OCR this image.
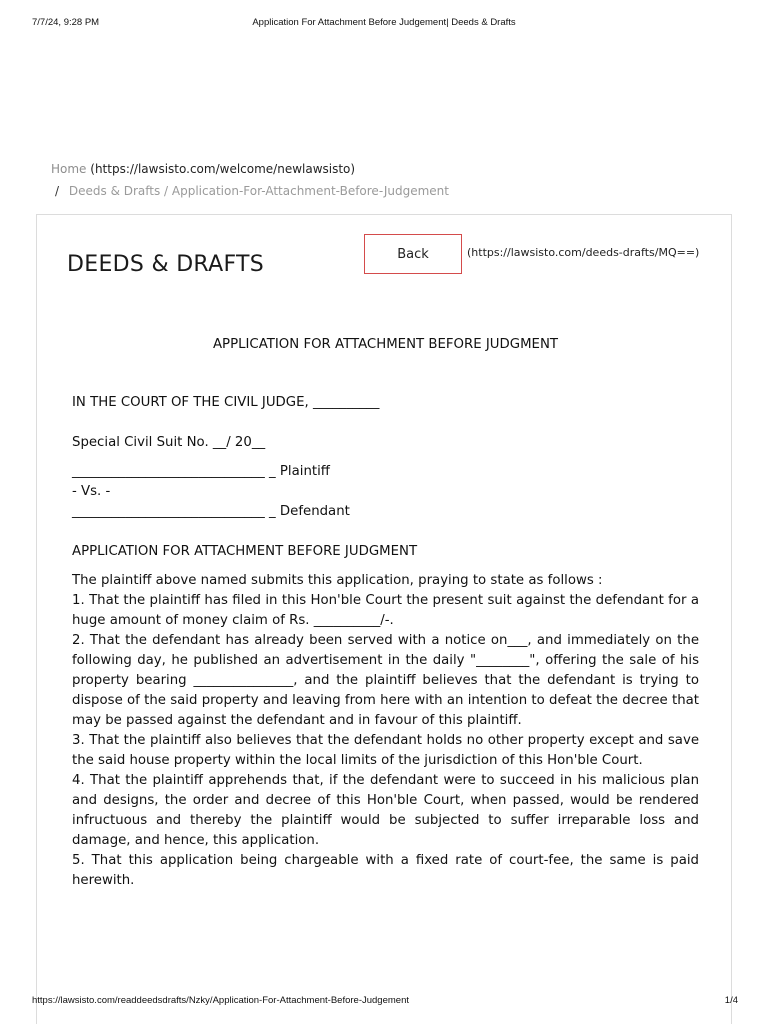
7/7/24, 9:28 PM	Application For Attachment Before Judgement| Deeds & Drafts
Home (https://lawsisto.com/welcome/newlawsisto)
/ Deeds & Drafts / Application-For-Attachment-Before-Judgement
DEEDS & DRAFTS	Back	(https://lawsisto.com/deeds-drafts/MQ==)

APPLICATION FOR ATTACHMENT BEFORE JUDGMENT

IN THE COURT OF THE CIVIL JUDGE, __________

Special Civil Suit No. __/ 20__

_____________________________ _ Plaintiff
- Vs. -
_____________________________ _ Defendant

APPLICATION FOR ATTACHMENT BEFORE JUDGMENT

The plaintiff above named submits this application, praying to state as follows :

1. That the plaintiff has filed in this Hon'ble Court the present suit against the defendant for a huge amount of money claim of Rs. __________/-.

2. That the defendant has already been served with a notice on___, and immediately on the following day, he published an advertisement in the daily "________", offering the sale of his property bearing _______________, and the plaintiff believes that the defendant is trying to dispose of the said property and leaving from here with an intention to defeat the decree that may be passed against the defendant and in favour of this plaintiff.

3. That the plaintiff also believes that the defendant holds no other property except and save the said house property within the local limits of the jurisdiction of this Hon'ble Court.

4. That the plaintiff apprehends that, if the defendant were to succeed in his malicious plan and designs, the order and decree of this Hon'ble Court, when passed, would be rendered infructuous and thereby the plaintiff would be subjected to suffer irreparable loss and damage, and hence, this application.

5. That this application being chargeable with a fixed rate of court-fee, the same is paid herewith.

https://lawsisto.com/readdeedsdrafts/Nzky/Application-For-Attachment-Before-Judgement	1/4
